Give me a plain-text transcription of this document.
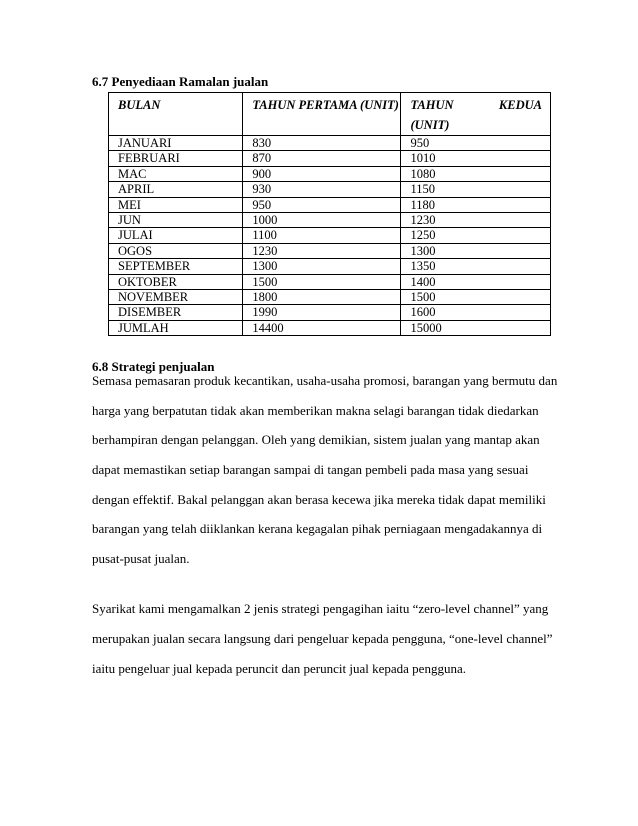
6.7 Penyediaan Ramalan jualan
BULAN	TAHUN PERTAMA (UNIT)	TAHUN KEDUA
(UNIT)

JANUARI	830	950
FEBRUARI	870	1010
MAC	900	1080
APRIL	930	1150
MEI	950	1180
JUN	1000	1230
JULAI	1100	1250
OGOS	1230	1300
SEPTEMBER	1300	1350
OKTOBER	1500	1400
NOVEMBER	1800	1500
DISEMBER	1990	1600
JUMLAH	14400	15000
6.8 Strategi penjualan
Semasa pemasaran produk kecantikan, usaha-usaha promosi, barangan yang bermutu dan
harga yang berpatutan tidak akan memberikan makna selagi barangan tidak diedarkan
berhampiran dengan pelanggan. Oleh yang demikian, sistem jualan yang mantap akan
dapat memastikan setiap barangan sampai di tangan pembeli pada masa yang sesuai
dengan effektif. Bakal pelanggan akan berasa kecewa jika mereka tidak dapat memiliki
barangan yang telah diiklankan kerana kegagalan pihak perniagaan mengadakannya di
pusat-pusat jualan.
Syarikat kami mengamalkan 2 jenis strategi pengagihan iaitu “zero-level channel” yang
merupakan jualan secara langsung dari pengeluar kepada pengguna, “one-level channel”
iaitu pengeluar jual kepada peruncit dan peruncit jual kepada pengguna.
